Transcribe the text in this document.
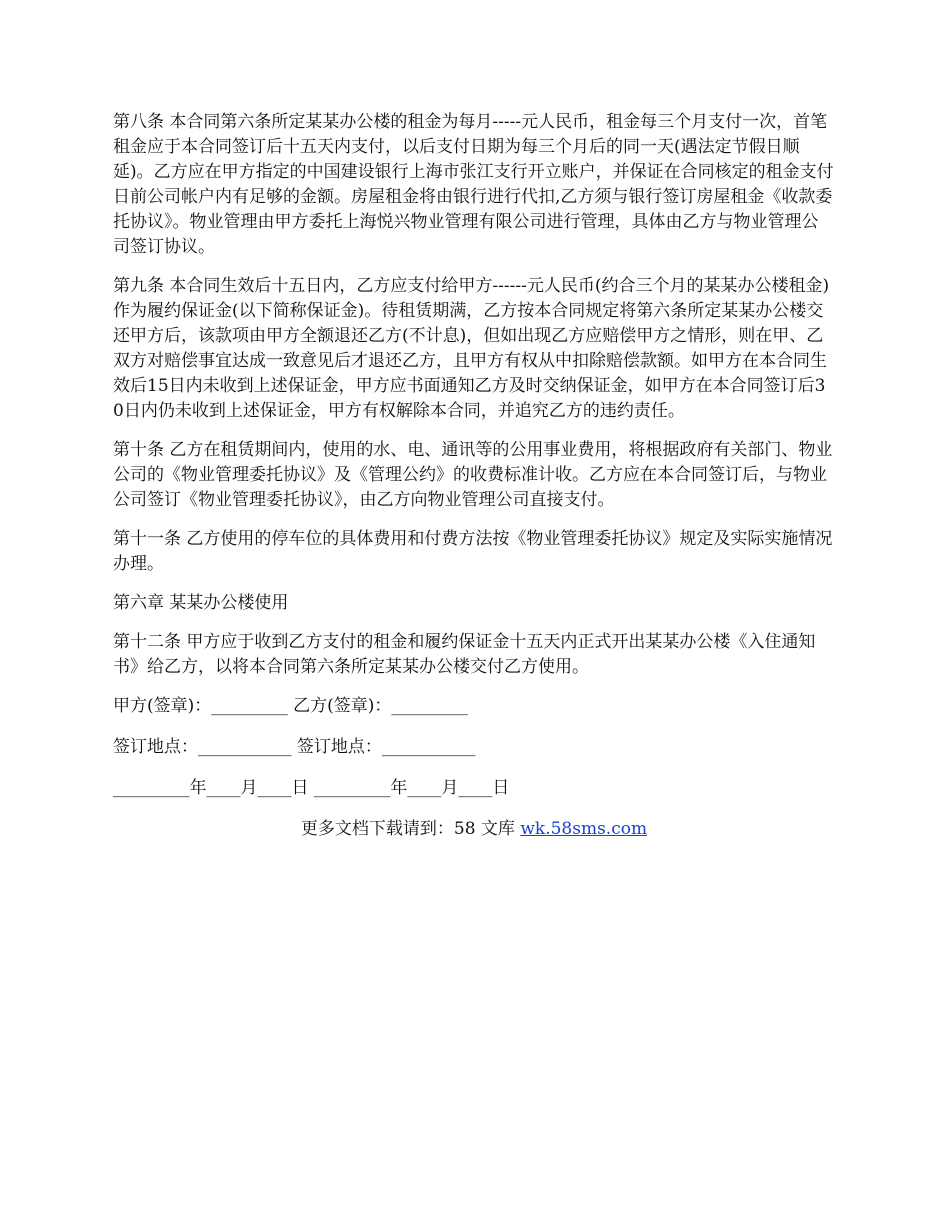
第八条 本合同第六条所定某某办公楼的租金为每月-----元人民币，租金每三个月支付一次，首笔租金应于本合同签订后十五天内支付，以后支付日期为每三个月后的同一天(遇法定节假日顺延)。乙方应在甲方指定的中国建设银行上海市张江支行开立账户，并保证在合同核定的租金支付日前公司帐户内有足够的金额。房屋租金将由银行进行代扣,乙方须与银行签订房屋租金《收款委托协议》。物业管理由甲方委托上海悦兴物业管理有限公司进行管理，具体由乙方与物业管理公司签订协议。

第九条 本合同生效后十五日内，乙方应支付给甲方------元人民币(约合三个月的某某办公楼租金)作为履约保证金(以下简称保证金)。待租赁期满，乙方按本合同规定将第六条所定某某办公楼交还甲方后，该款项由甲方全额退还乙方(不计息)，但如出现乙方应赔偿甲方之情形，则在甲、乙双方对赔偿事宜达成一致意见后才退还乙方，且甲方有权从中扣除赔偿款额。如甲方在本合同生效后15日内未收到上述保证金，甲方应书面通知乙方及时交纳保证金，如甲方在本合同签订后30日内仍未收到上述保证金，甲方有权解除本合同，并追究乙方的违约责任。

第十条 乙方在租赁期间内，使用的水、电、通讯等的公用事业费用，将根据政府有关部门、物业公司的《物业管理委托协议》及《管理公约》的收费标准计收。乙方应在本合同签订后，与物业公司签订《物业管理委托协议》，由乙方向物业管理公司直接支付。

第十一条 乙方使用的停车位的具体费用和付费方法按《物业管理委托协议》规定及实际实施情况办理。

第六章 某某办公楼使用

第十二条 甲方应于收到乙方支付的租金和履约保证金十五天内正式开出某某办公楼《入住通知书》给乙方，以将本合同第六条所定某某办公楼交付乙方使用。

甲方(签章)：_________ 乙方(签章)：_________
签订地点：___________ 签订地点：___________
_________年____月____日 _________年____月____日
更多文档下载请到：58 文库 wk.58sms.com
